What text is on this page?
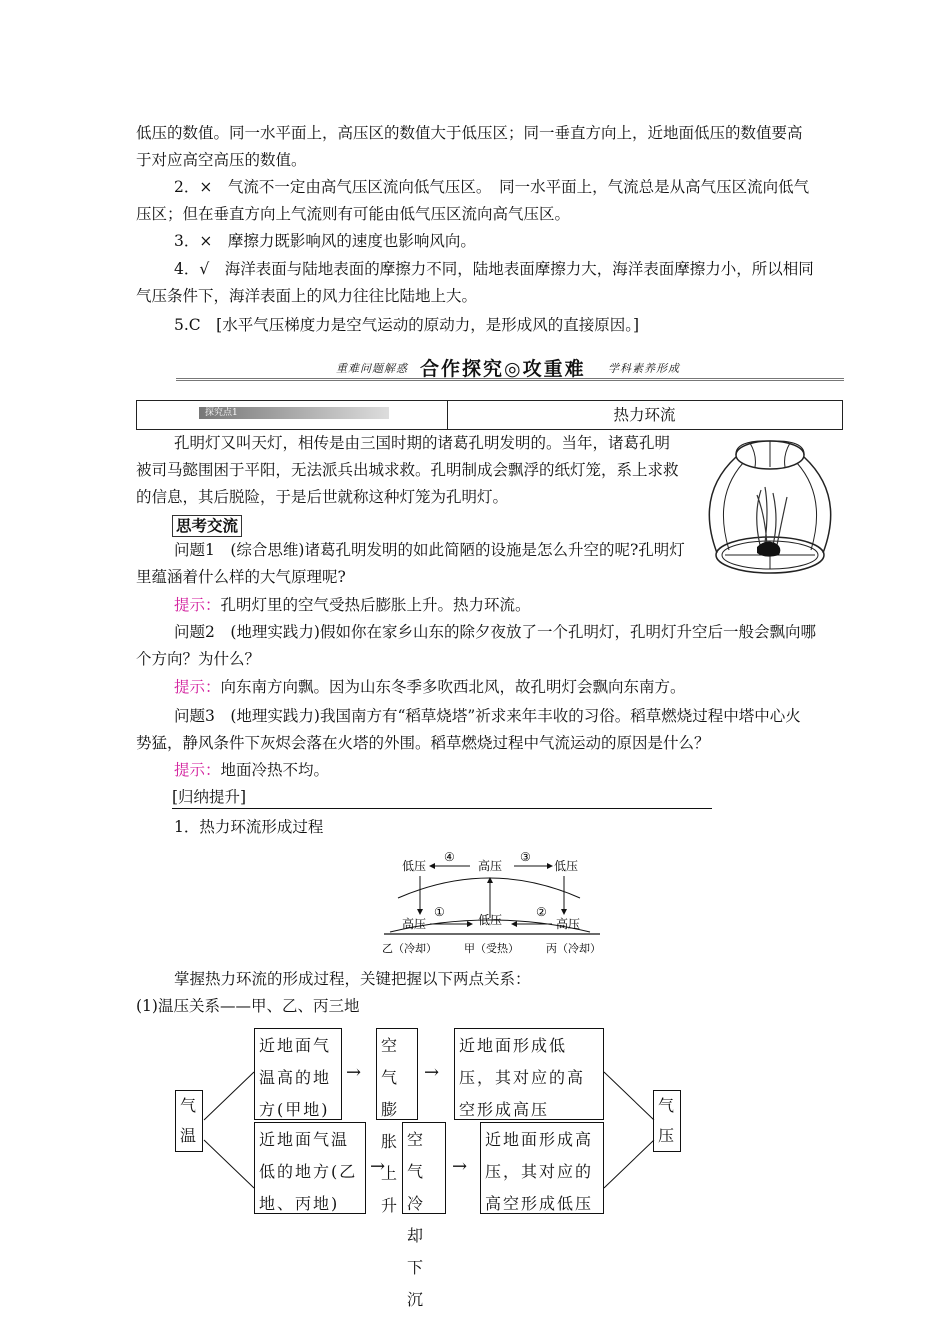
低压的数值。同一水平面上，高压区的数值大于低压区；同一垂直方向上，近地面低压的数值要高于对应高空高压的数值。

2．×　气流不一定由高气压区流向低气压区。　同一水平面上，气流总是从高气压区流向低气压区；但在垂直方向上气流则有可能由低气压区流向高气压区。

3．×　摩擦力既影响风的速度也影响风向。

4．√　海洋表面与陆地表面的摩擦力不同，陆地表面摩擦力大，海洋表面摩擦力小，所以相同气压条件下，海洋表面上的风力往往比陆地上大。

5.C　[水平气压梯度力是空气运动的原动力，是形成风的直接原因。]

重难问题解惑 合作探究◎攻重难 学科素养形成
探究点1	热力环流

孔明灯又叫天灯，相传是由三国时期的诸葛孔明发明的。当年，诸葛孔明被司马懿围困于平阳，无法派兵出城求救。孔明制成会飘浮的纸灯笼，系上求救的信息，其后脱险，于是后世就称这种灯笼为孔明灯。

思考交流

问题1　(综合思维)诸葛孔明发明的如此简陋的设施是怎么升空的呢?孔明灯里蕴涵着什么样的大气原理呢?

提示：孔明灯里的空气受热后膨胀上升。热力环流。

问题2　(地理实践力)假如你在家乡山东的除夕夜放了一个孔明灯，孔明灯升空后一般会飘向哪个方向？为什么？

提示：向东南方向飘。因为山东冬季多吹西北风，故孔明灯会飘向东南方。

问题3　(地理实践力)我国南方有“稻草烧塔”祈求来年丰收的习俗。稻草燃烧过程中塔中心火势猛，静风条件下灰烬会落在火塔的外围。稻草燃烧过程中气流运动的原因是什么？

提示：地面冷热不均。

[归纳提升]

1．热力环流形成过程

低压	高压	低压
④	③
高压	低压	高压
①	②
乙（冷却） 甲（受热） 丙（冷却）

掌握热力环流的形成过程，关键把握以下两点关系：

(1)温压关系——甲、乙、丙三地

气温
气压
近地面气温高的地方(甲地)
→
空气膨胀上升
→
近地面形成低压，其对应的高空形成高压
近地面气温低的地方(乙地、丙地)
→
空气冷却下沉
→
近地面形成高压，其对应的高空形成低压
